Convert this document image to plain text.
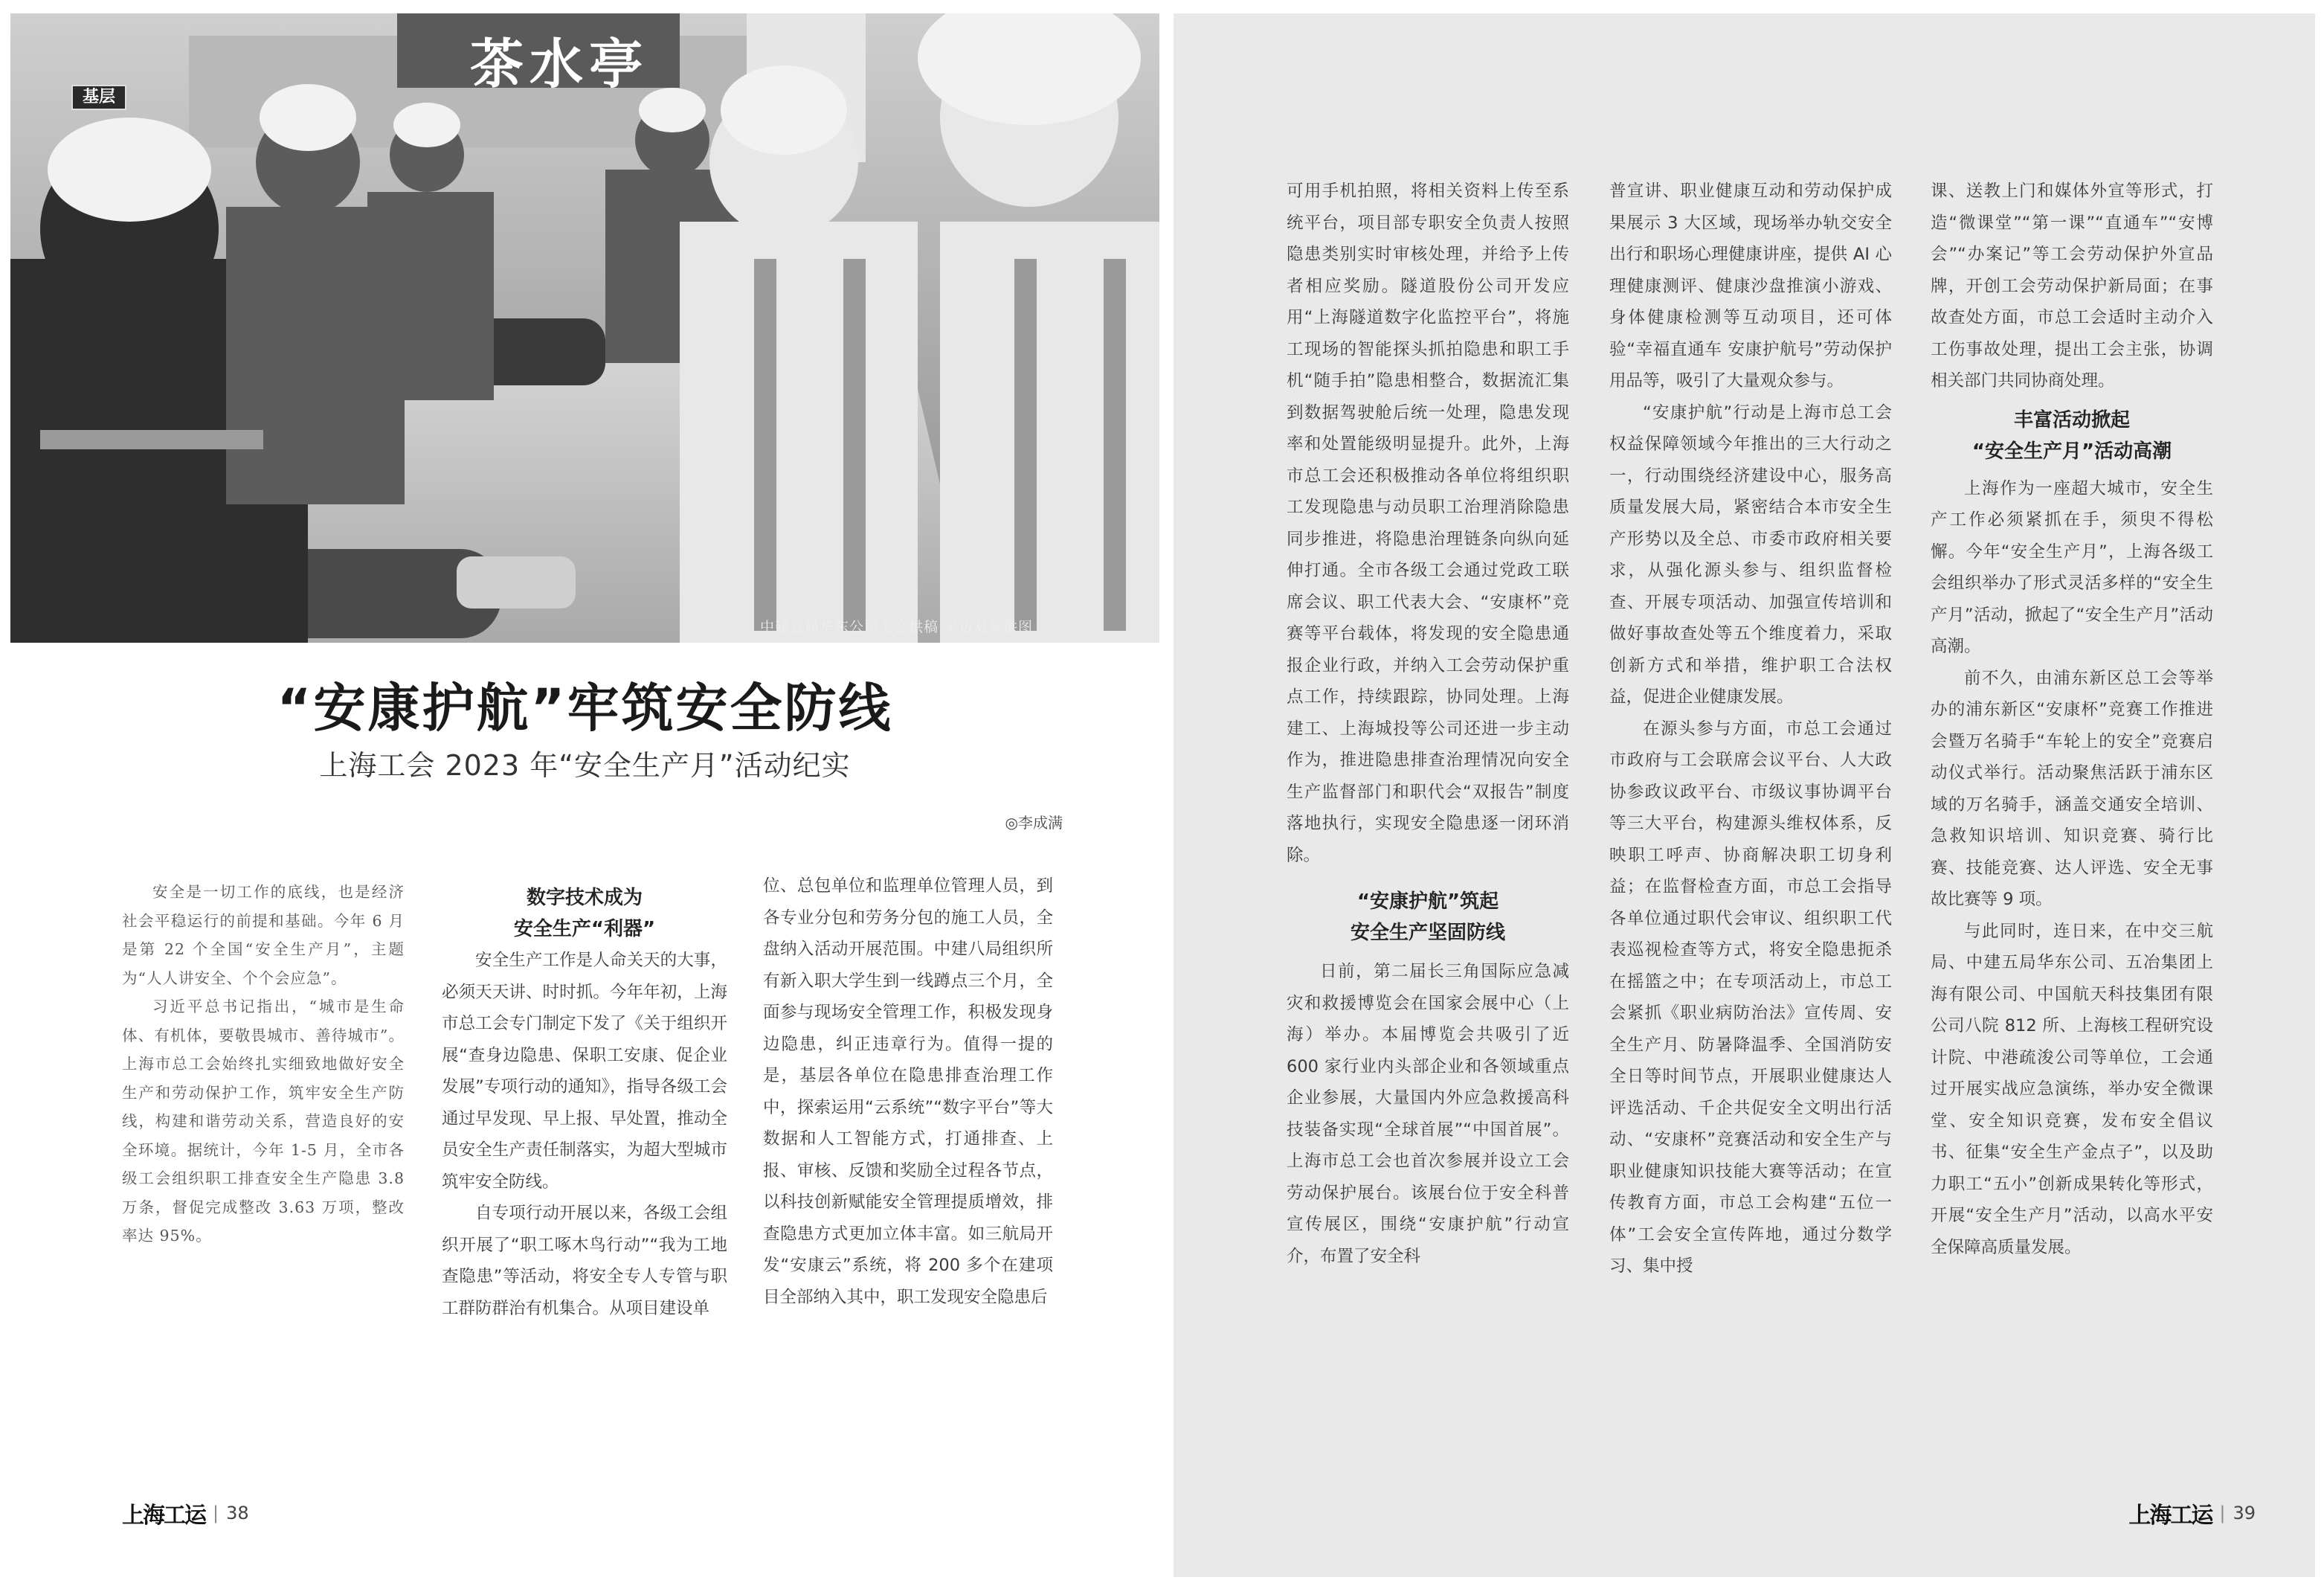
基层
茶水亭
中建五局华东公司工会供稿 采访对象供图
“安康护航”牢筑安全防线
上海工会 2023 年“安全生产月”活动纪实
◎李成满

安全是一切工作的底线，也是经济社会平稳运行的前提和基础。今年 6 月是第 22 个全国“安全生产月”，主题为“人人讲安全、个个会应急”。

习近平总书记指出，“城市是生命体、有机体，要敬畏城市、善待城市”。上海市总工会始终扎实细致地做好安全生产和劳动保护工作，筑牢安全生产防线，构建和谐劳动关系，营造良好的安全环境。据统计，今年 1-5 月，全市各级工会组织职工排查安全生产隐患 3.8 万条，督促完成整改 3.63 万项，整改率达 95%。

数字技术成为
安全生产“利器”

安全生产工作是人命关天的大事，必须天天讲、时时抓。今年年初，上海市总工会专门制定下发了《关于组织开展“查身边隐患、保职工安康、促企业发展”专项行动的通知》，指导各级工会通过早发现、早上报、早处置，推动全员安全生产责任制落实，为超大型城市筑牢安全防线。

自专项行动开展以来，各级工会组织开展了“职工啄木鸟行动”“我为工地查隐患”等活动，将安全专人专管与职工群防群治有机集合。从项目建设单

位、总包单位和监理单位管理人员，到各专业分包和劳务分包的施工人员，全盘纳入活动开展范围。中建八局组织所有新入职大学生到一线蹲点三个月，全面参与现场安全管理工作，积极发现身边隐患，纠正违章行为。值得一提的是，基层各单位在隐患排查治理工作中，探索运用“云系统”“数字平台”等大数据和人工智能方式，打通排查、上报、审核、反馈和奖励全过程各节点，以科技创新赋能安全管理提质增效，排查隐患方式更加立体丰富。如三航局开发“安康云”系统，将 200 多个在建项目全部纳入其中，职工发现安全隐患后

上海工运 | 38

可用手机拍照，将相关资料上传至系统平台，项目部专职安全负责人按照隐患类别实时审核处理，并给予上传者相应奖励。隧道股份公司开发应用“上海隧道数字化监控平台”，将施工现场的智能探头抓拍隐患和职工手机“随手拍”隐患相整合，数据流汇集到数据驾驶舱后统一处理，隐患发现率和处置能级明显提升。此外，上海市总工会还积极推动各单位将组织职工发现隐患与动员职工治理消除隐患同步推进，将隐患治理链条向纵向延伸打通。全市各级工会通过党政工联席会议、职工代表大会、“安康杯”竞赛等平台载体，将发现的安全隐患通报企业行政，并纳入工会劳动保护重点工作，持续跟踪，协同处理。上海建工、上海城投等公司还进一步主动作为，推进隐患排查治理情况向安全生产监督部门和职代会“双报告”制度落地执行，实现安全隐患逐一闭环消除。

“安康护航”筑起
安全生产坚固防线

日前，第二届长三角国际应急减灾和救援博览会在国家会展中心（上海）举办。本届博览会共吸引了近 600 家行业内头部企业和各领域重点企业参展，大量国内外应急救援高科技装备实现“全球首展”“中国首展”。上海市总工会也首次参展并设立工会劳动保护展台。该展台位于安全科普宣传展区，围绕“安康护航”行动宣介，布置了安全科

普宣讲、职业健康互动和劳动保护成果展示 3 大区域，现场举办轨交安全出行和职场心理健康讲座，提供 AI 心理健康测评、健康沙盘推演小游戏、身体健康检测等互动项目，还可体验“幸福直通车 安康护航号”劳动保护用品等，吸引了大量观众参与。

“安康护航”行动是上海市总工会权益保障领域今年推出的三大行动之一，行动围绕经济建设中心，服务高质量发展大局，紧密结合本市安全生产形势以及全总、市委市政府相关要求，从强化源头参与、组织监督检查、开展专项活动、加强宣传培训和做好事故查处等五个维度着力，采取创新方式和举措，维护职工合法权益，促进企业健康发展。

在源头参与方面，市总工会通过市政府与工会联席会议平台、人大政协参政议政平台、市级议事协调平台等三大平台，构建源头维权体系，反映职工呼声、协商解决职工切身利益；在监督检查方面，市总工会指导各单位通过职代会审议、组织职工代表巡视检查等方式，将安全隐患扼杀在摇篮之中；在专项活动上，市总工会紧抓《职业病防治法》宣传周、安全生产月、防暑降温季、全国消防安全日等时间节点，开展职业健康达人评选活动、千企共促安全文明出行活动、“安康杯”竞赛活动和安全生产与职业健康知识技能大赛等活动；在宣传教育方面，市总工会构建“五位一体”工会安全宣传阵地，通过分数学习、集中授

课、送教上门和媒体外宣等形式，打造“微课堂”“第一课”“直通车”“安博会”“办案记”等工会劳动保护外宣品牌，开创工会劳动保护新局面；在事故查处方面，市总工会适时主动介入工伤事故处理，提出工会主张，协调相关部门共同协商处理。

丰富活动掀起
“安全生产月”活动高潮

上海作为一座超大城市，安全生产工作必须紧抓在手，须臾不得松懈。今年“安全生产月”，上海各级工会组织举办了形式灵活多样的“安全生产月”活动，掀起了“安全生产月”活动高潮。

前不久，由浦东新区总工会等举办的浦东新区“安康杯”竞赛工作推进会暨万名骑手“车轮上的安全”竞赛启动仪式举行。活动聚焦活跃于浦东区域的万名骑手，涵盖交通安全培训、急救知识培训、知识竞赛、骑行比赛、技能竞赛、达人评选、安全无事故比赛等 9 项。

与此同时，连日来，在中交三航局、中建五局华东公司、五冶集团上海有限公司、中国航天科技集团有限公司八院 812 所、上海核工程研究设计院、中港疏浚公司等单位，工会通过开展实战应急演练，举办安全微课堂、安全知识竞赛，发布安全倡议书、征集“安全生产金点子”，以及助力职工“五小”创新成果转化等形式，开展“安全生产月”活动，以高水平安全保障高质量发展。

上海工运 | 39
